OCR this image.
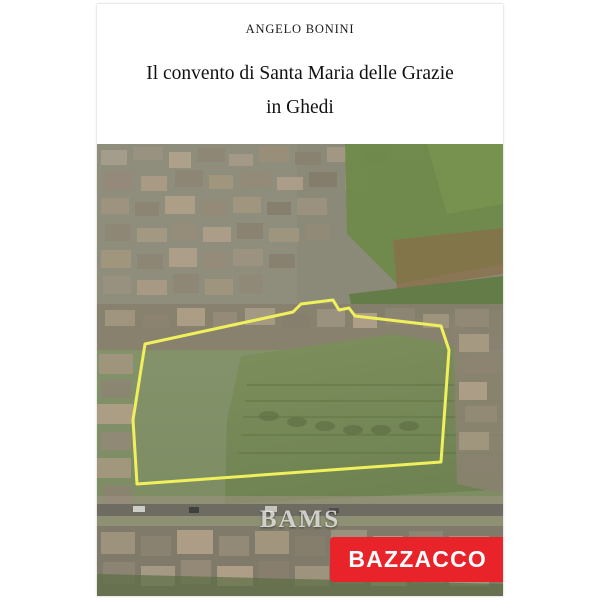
ANGELO BONINI
Il convento di Santa Maria delle Grazie
in Ghedi
BAMS
BAZZACCO
